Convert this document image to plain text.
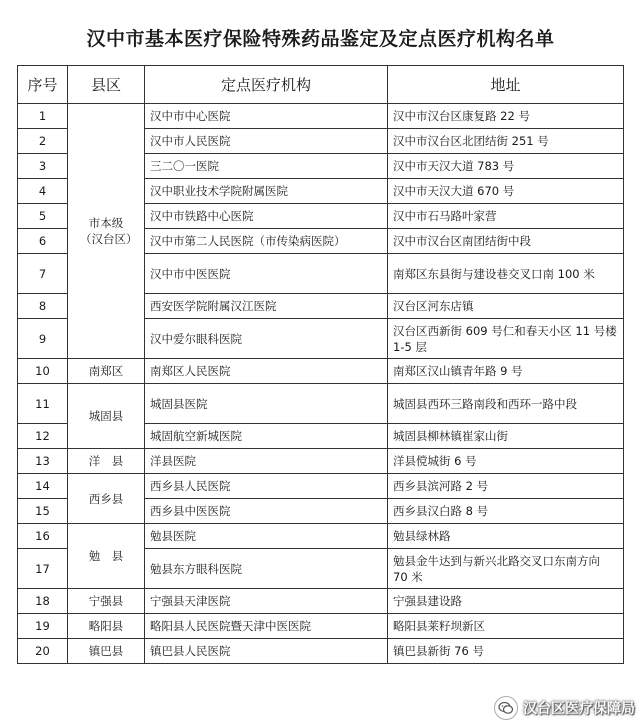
汉中市基本医疗保险特殊药品鉴定及定点医疗机构名单
序号	县区	定点医疗机构	地址
1	市本级（汉台区）	汉中市中心医院	汉中市汉台区康复路 22 号
2		汉中市人民医院	汉中市汉台区北团结街 251 号
3		三二〇一医院	汉中市天汉大道 783 号
4		汉中职业技术学院附属医院	汉中市天汉大道 670 号
5		汉中市铁路中心医院	汉中市石马路叶家营
6		汉中市第二人民医院（市传染病医院）	汉中市汉台区南团结街中段
7		汉中市中医医院	南郑区东县街与建设巷交叉口南 100 米
8		西安医学院附属汉江医院	汉台区河东店镇
9		汉中爱尔眼科医院	汉台区西新街 609 号仁和春天小区 11 号楼 1-5 层
10	南郑区	南郑区人民医院	南郑区汉山镇青年路 9 号
11	城固县	城固县医院	城固县西环三路南段和西环一路中段
12		城固航空新城医院	城固县柳林镇崔家山街
13	洋　县	洋县医院	洋县傥城街 6 号
14	西乡县	西乡县人民医院	西乡县滨河路 2 号
15		西乡县中医医院	西乡县汉白路 8 号
16	勉　县	勉县医院	勉县绿林路
17		勉县东方眼科医院	勉县金牛达到与新兴北路交叉口东南方向 70 米
18	宁强县	宁强县天津医院	宁强县建设路
19	略阳县	略阳县人民医院暨天津中医医院	略阳县莱籽坝新区
20	镇巴县	镇巴县人民医院	镇巴县新街 76 号
汉台区医疗保障局
